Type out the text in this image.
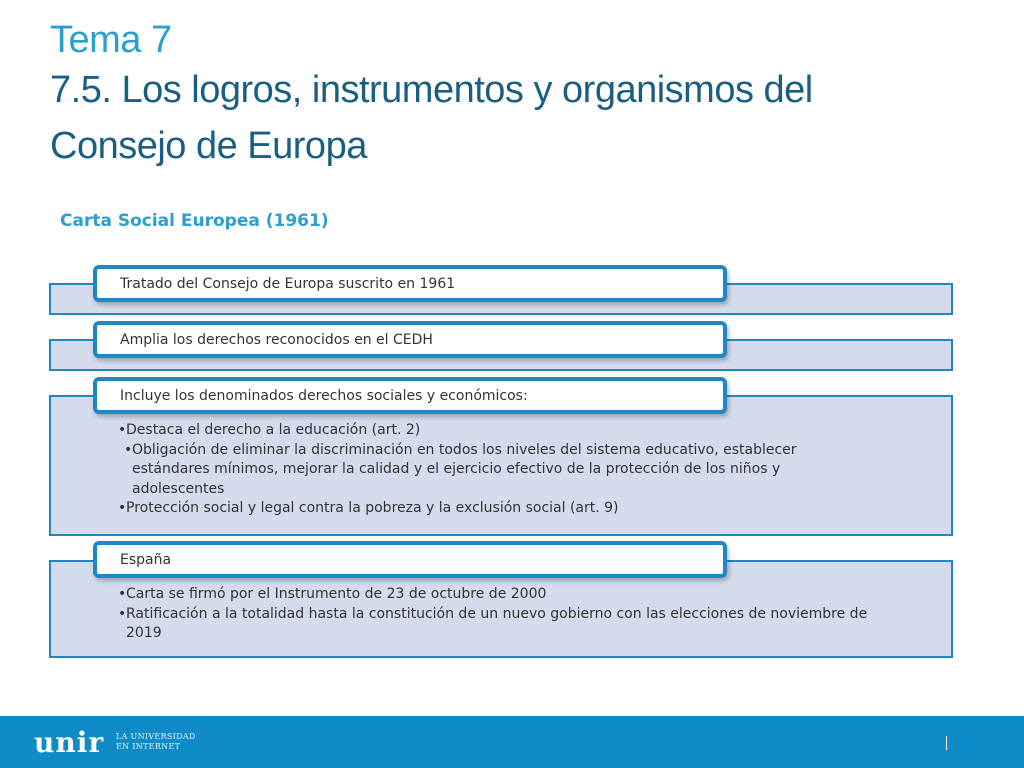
Tema 7
7.5. Los logros, instrumentos y organismos del
Consejo de Europa
Carta Social Europea (1961)
Tratado del Consejo de Europa suscrito en 1961
Amplia los derechos reconocidos en el CEDH
Incluye los denominados derechos sociales y económicos:
• Destaca el derecho a la educación (art. 2)
• Obligación de eliminar la discriminación en todos los niveles del sistema educativo, establecer estándares mínimos, mejorar la calidad y el ejercicio efectivo de la protección de los niños y adolescentes
• Protección social y legal contra la pobreza y la exclusión social (art. 9)
España
• Carta se firmó por el Instrumento de 23 de octubre de 2000
• Ratificación a la totalidad hasta la constitución de un nuevo gobierno con las elecciones de noviembre de 2019
unir LA UNIVERSIDAD
EN INTERNET
